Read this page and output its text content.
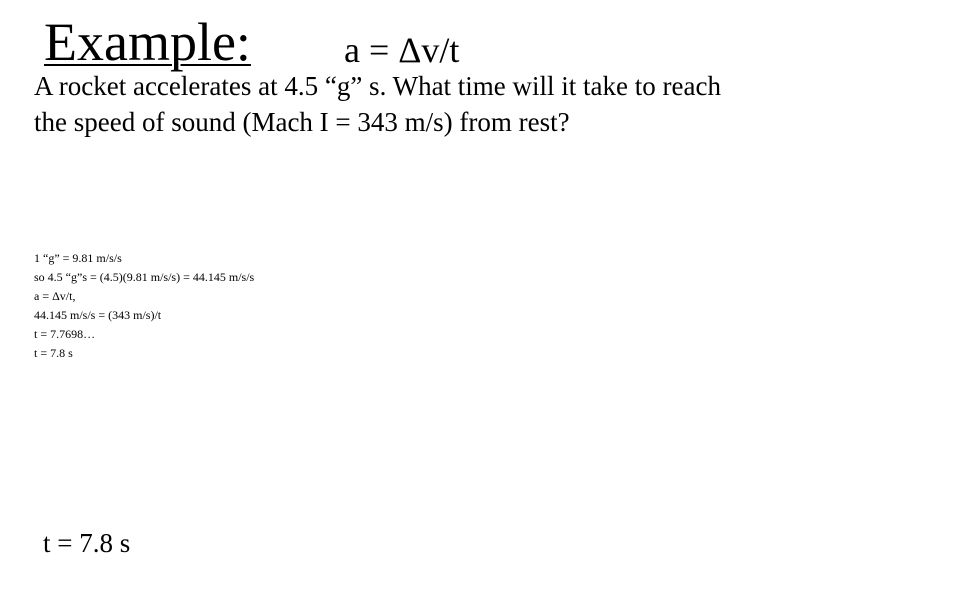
Example:	a = Δv/t
A rocket accelerates at 4.5 “g” s. What time will it take to reach
the speed of sound (Mach I = 343 m/s) from rest?
1 “g” = 9.81 m/s/s
so 4.5 “g”s = (4.5)(9.81 m/s/s) = 44.145 m/s/s
a = Δv/t,
44.145 m/s/s = (343 m/s)/t
t = 7.7698…
t = 7.8 s
t = 7.8 s
